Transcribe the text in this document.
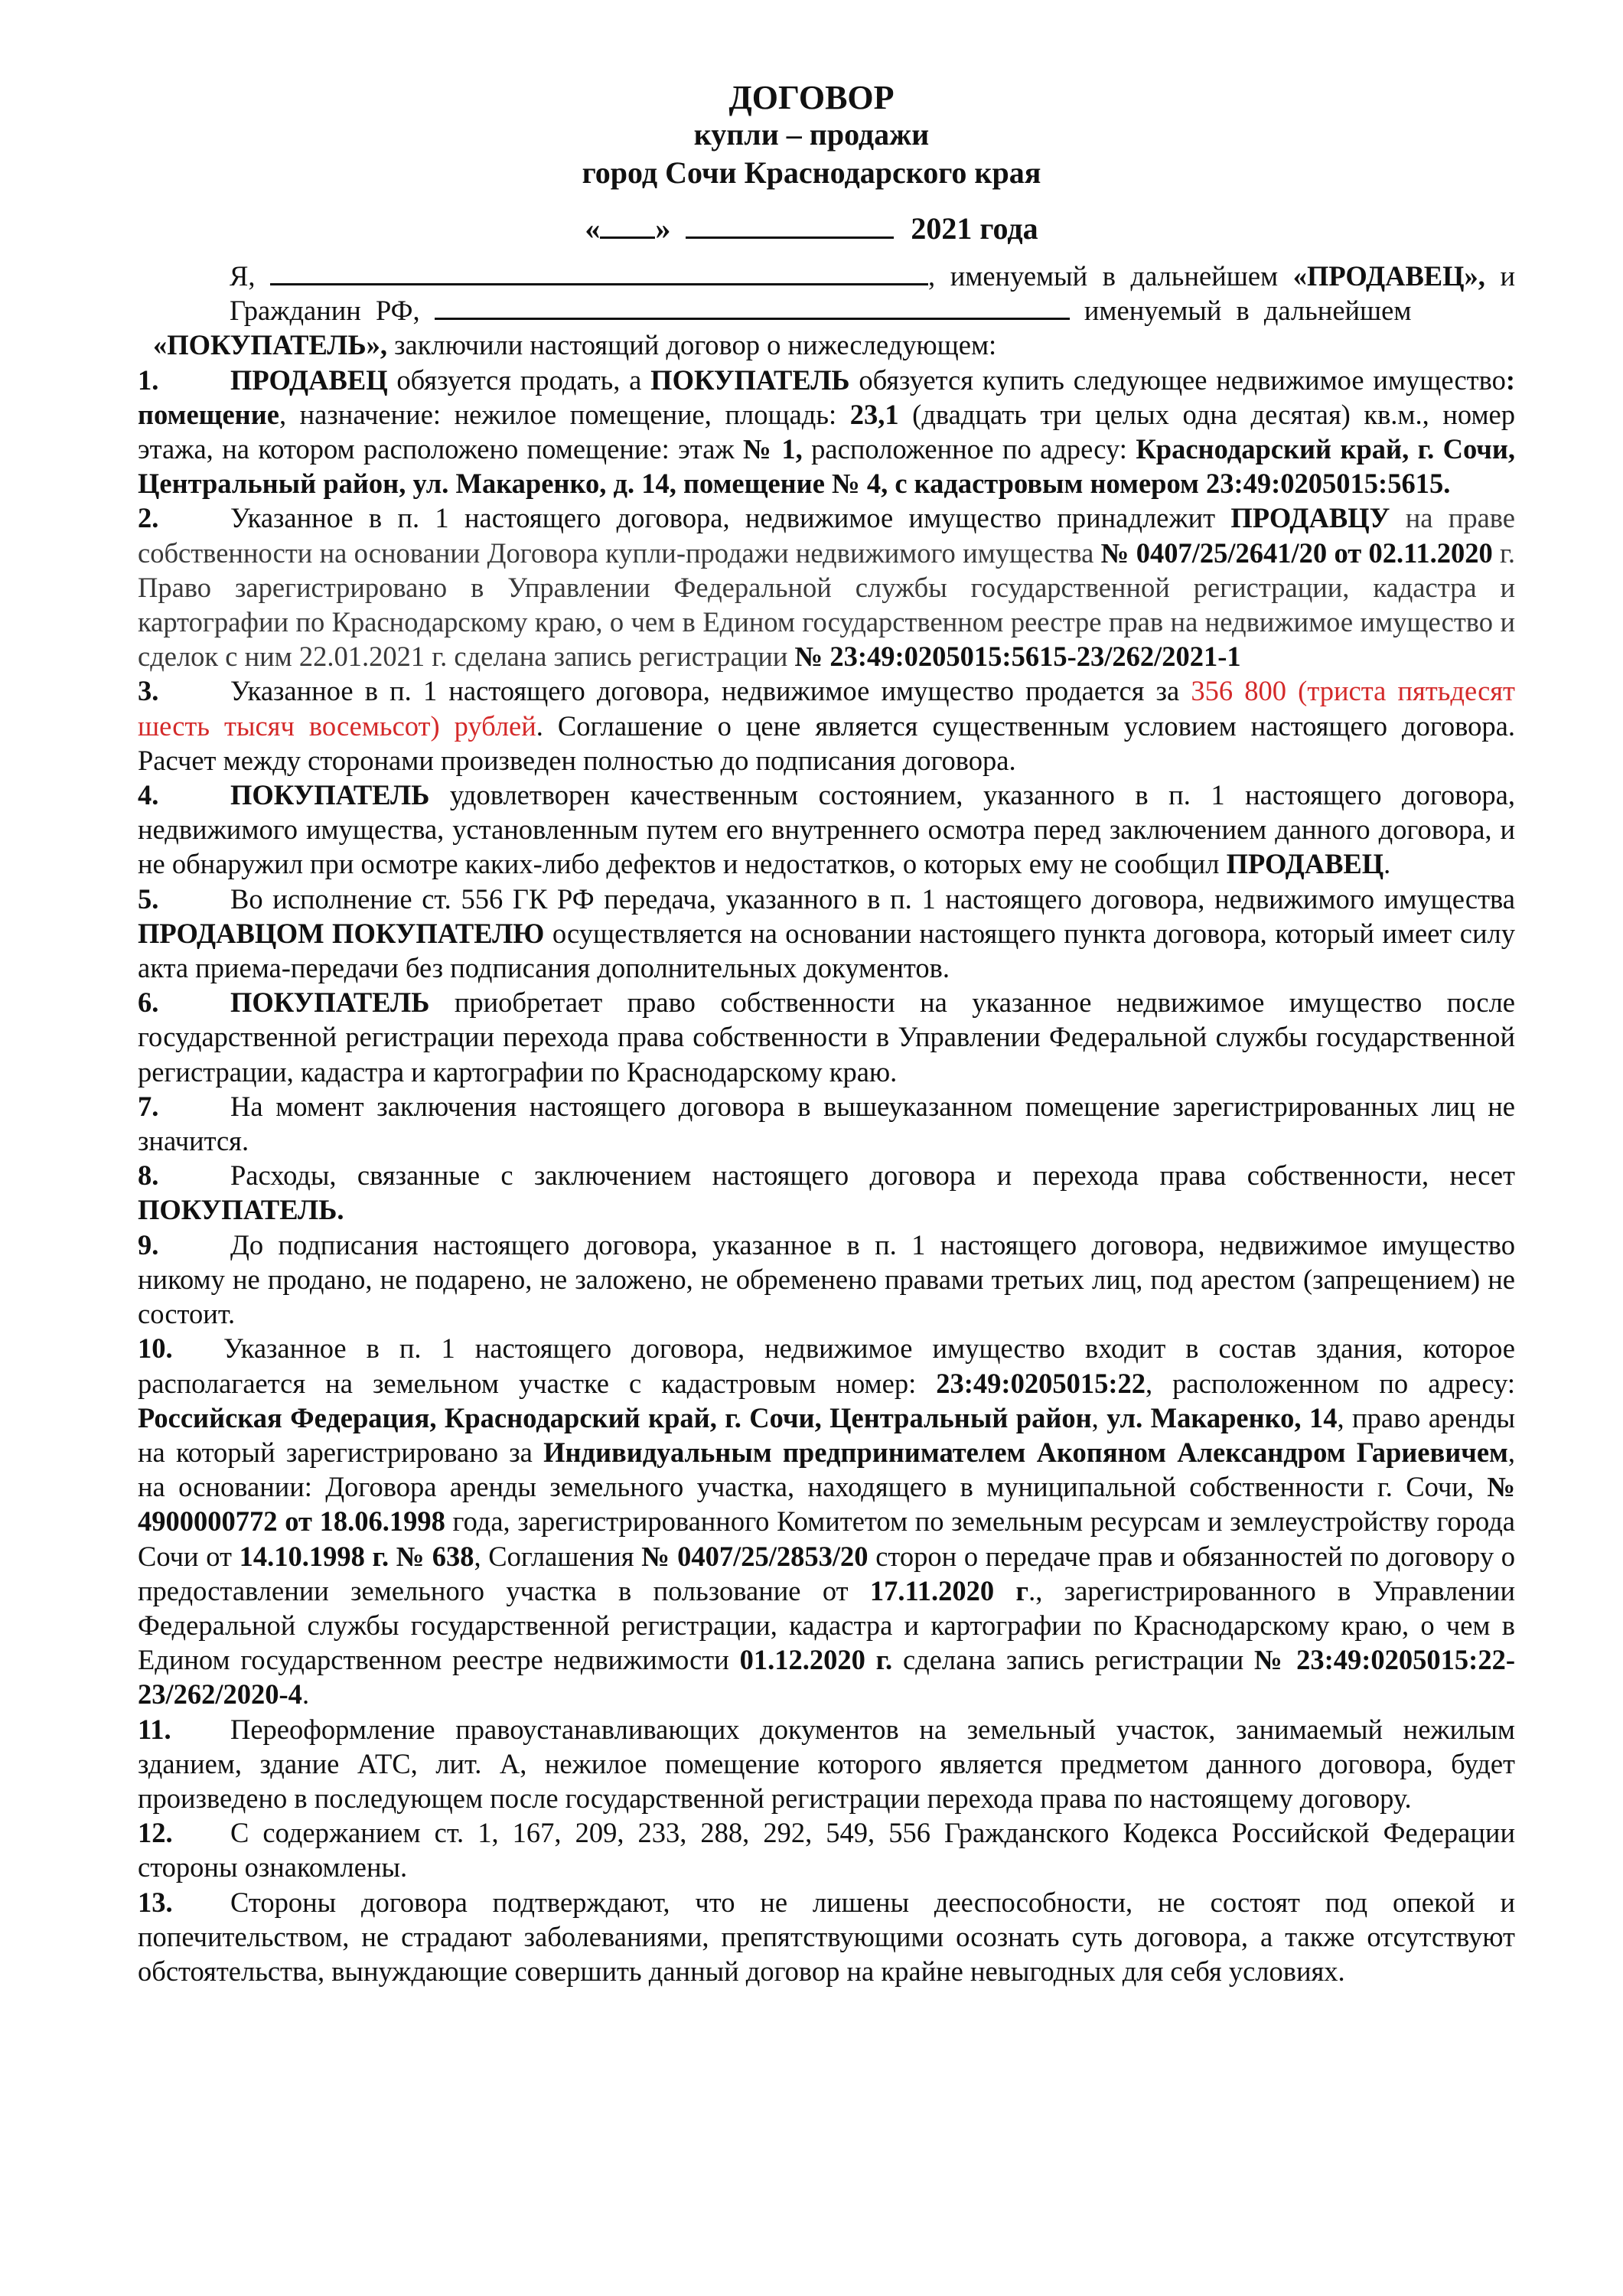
ДОГОВОР
купли – продажи
город Сочи Краснодарского края
« »	2021 года

Я,	, именуемый в дальнейшем «ПРОДАВЕЦ», и

Гражданин РФ,	именуемый в дальнейшем

«ПОКУПАТЕЛЬ», заключили настоящий договор о нижеследующем:

1.	ПРОДАВЕЦ обязуется продать, а ПОКУПАТЕЛЬ обязуется купить следующее недвижимое имущество: помещение, назначение: нежилое помещение, площадь: 23,1 (двадцать три целых одна десятая) кв.м., номер этажа, на котором расположено помещение: этаж № 1, расположенное по адресу: Краснодарский край, г. Сочи, Центральный район, ул. Макаренко, д. 14, помещение № 4, с кадастровым номером 23:49:0205015:5615.

2.	Указанное в п. 1 настоящего договора, недвижимое имущество принадлежит ПРОДАВЦУ на праве собственности на основании Договора купли-продажи недвижимого имущества № 0407/25/2641/20 от 02.11.2020 г. Право зарегистрировано в Управлении Федеральной службы государственной регистрации, кадастра и картографии по Краснодарскому краю, о чем в Едином государственном реестре прав на недвижимое имущество и сделок с ним 22.01.2021 г. сделана запись регистрации № 23:49:0205015:5615-23/262/2021-1

3.	Указанное в п. 1 настоящего договора, недвижимое имущество продается за 356 800 (триста пятьдесят шесть тысяч восемьсот) рублей. Соглашение о цене является существенным условием настоящего договора. Расчет между сторонами произведен полностью до подписания договора.

4.	ПОКУПАТЕЛЬ удовлетворен качественным состоянием, указанного в п. 1 настоящего договора, недвижимого имущества, установленным путем его внутреннего осмотра перед заключением данного договора, и не обнаружил при осмотре каких-либо дефектов и недостатков, о которых ему не сообщил ПРОДАВЕЦ.

5.	Во исполнение ст. 556 ГК РФ передача, указанного в п. 1 настоящего договора, недвижимого имущества ПРОДАВЦОМ ПОКУПАТЕЛЮ осуществляется на основании настоящего пункта договора, который имеет силу акта приема-передачи без подписания дополнительных документов.

6.	ПОКУПАТЕЛЬ приобретает право собственности на указанное недвижимое имущество после государственной регистрации перехода права собственности в Управлении Федеральной службы государственной регистрации, кадастра и картографии по Краснодарскому краю.

7.	На момент заключения настоящего договора в вышеуказанном помещение зарегистрированных лиц не значится.

8.	Расходы, связанные с заключением настоящего договора и перехода права собственности, несет ПОКУПАТЕЛЬ.

9.	До подписания настоящего договора, указанное в п. 1 настоящего договора, недвижимое имущество никому не продано, не подарено, не заложено, не обременено правами третьих лиц, под арестом (запрещением) не состоит.

10. Указанное в п. 1 настоящего договора, недвижимое имущество входит в состав здания, которое располагается на земельном участке с кадастровым номер: 23:49:0205015:22, расположенном по адресу: Российская Федерация, Краснодарский край, г. Сочи, Центральный район, ул. Макаренко, 14, право аренды на который зарегистрировано за Индивидуальным предпринимателем Акопяном Александром Гариевичем, на основании: Договора аренды земельного участка, находящего в муниципальной собственности г. Сочи, № 4900000772 от 18.06.1998 года, зарегистрированного Комитетом по земельным ресурсам и землеустройству города Сочи от 14.10.1998 г. № 638, Соглашения № 0407/25/2853/20 сторон о передаче прав и обязанностей по договору о предоставлении земельного участка в пользование от 17.11.2020 г., зарегистрированного в Управлении Федеральной службы государственной регистрации, кадастра и картографии по Краснодарскому краю, о чем в Едином государственном реестре недвижимости 01.12.2020 г. сделана запись регистрации № 23:49:0205015:22-23/262/2020-4.

11. Переоформление правоустанавливающих документов на земельный участок, занимаемый нежилым зданием, здание АТС, лит. А, нежилое помещение которого является предметом данного договора, будет произведено в последующем после государственной регистрации перехода права по настоящему договору.

12. С содержанием ст. 1, 167, 209, 233, 288, 292, 549, 556 Гражданского Кодекса Российской Федерации стороны ознакомлены.

13. Стороны договора подтверждают, что не лишены дееспособности, не состоят под опекой и попечительством, не страдают заболеваниями, препятствующими осознать суть договора, а также отсутствуют обстоятельства, вынуждающие совершить данный договор на крайне невыгодных для себя условиях.
